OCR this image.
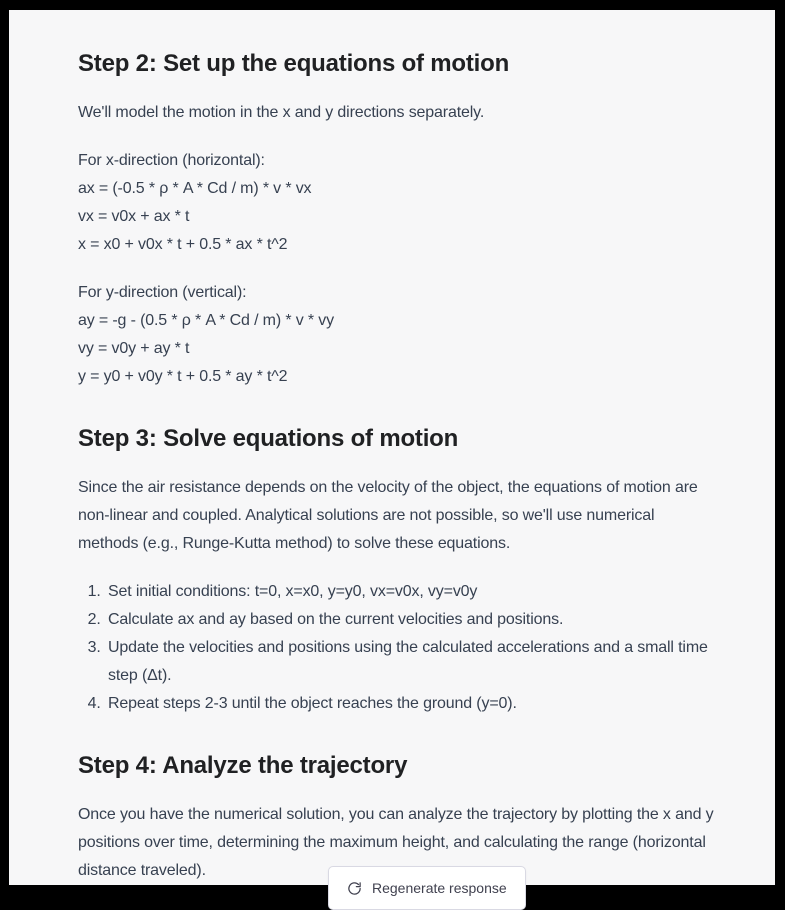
Step 2: Set up the equations of motion

We'll model the motion in the x and y directions separately.

For x-direction (horizontal):
ax = (-0.5 * ρ * A * Cd / m) * v * vx
vx = v0x + ax * t
x = x0 + v0x * t + 0.5 * ax * t^2
For y-direction (vertical):
ay = -g - (0.5 * ρ * A * Cd / m) * v * vy
vy = v0y + ay * t
y = y0 + v0y * t + 0.5 * ay * t^2
Step 3: Solve equations of motion

Since the air resistance depends on the velocity of the object, the equations of motion are non-linear and coupled. Analytical solutions are not possible, so we'll use numerical methods (e.g., Runge-Kutta method) to solve these equations.

1. Set initial conditions: t=0, x=x0, y=y0, vx=v0x, vy=v0y
2. Calculate ax and ay based on the current velocities and positions.
3. Update the velocities and positions using the calculated accelerations and a small time step (Δt).
4. Repeat steps 2-3 until the object reaches the ground (y=0).
Step 4: Analyze the trajectory

Once you have the numerical solution, you can analyze the trajectory by plotting the x and y positions over time, determining the maximum height, and calculating the range (horizontal distance traveled).

Regenerate response
